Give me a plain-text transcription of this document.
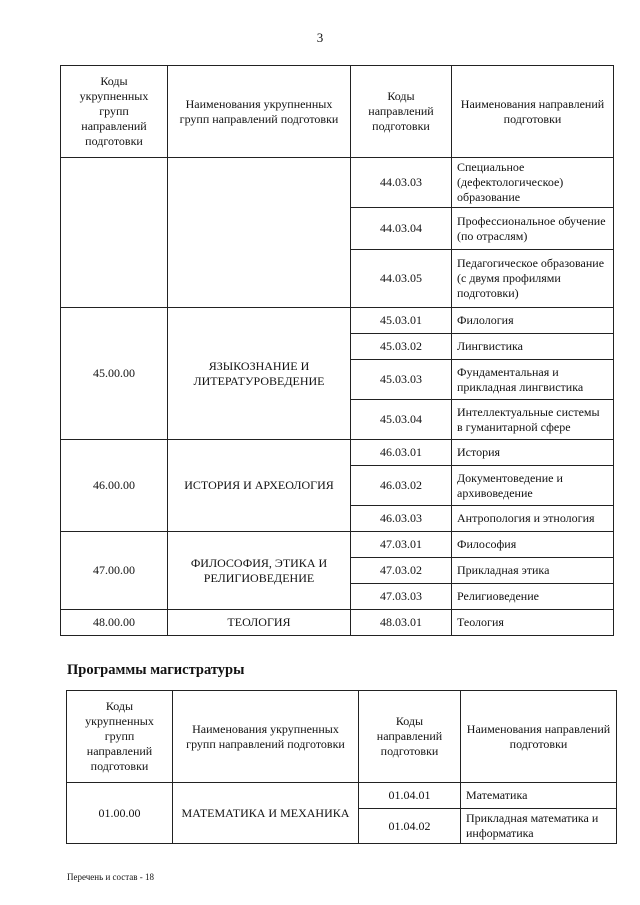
3
Коды укрупненных групп направлений подготовки	Наименования укрупненных групп направлений подготовки	Коды направлений подготовки	Наименования направлений подготовки
		44.03.03	Специальное (дефектологическое) образование
		44.03.04	Профессиональное обучение (по отраслям)
		44.03.05	Педагогическое образование (с двумя профилями подготовки)
45.00.00	ЯЗЫКОЗНАНИЕ И ЛИТЕРАТУРОВЕДЕНИЕ	45.03.01	Филология
		45.03.02	Лингвистика
		45.03.03	Фундаментальная и прикладная лингвистика
		45.03.04	Интеллектуальные системы в гуманитарной сфере
46.00.00	ИСТОРИЯ И АРХЕОЛОГИЯ	46.03.01	История
		46.03.02	Документоведение и архивоведение
		46.03.03	Антропология и этнология
47.00.00	ФИЛОСОФИЯ, ЭТИКА И РЕЛИГИОВЕДЕНИЕ	47.03.01	Философия
		47.03.02	Прикладная этика
		47.03.03	Религиоведение
48.00.00	ТЕОЛОГИЯ	48.03.01	Теология
Программы магистратуры
Коды укрупненных групп направлений подготовки	Наименования укрупненных групп направлений подготовки	Коды направлений подготовки	Наименования направлений подготовки
01.00.00	МАТЕМАТИКА И МЕХАНИКА	01.04.01	Математика
		01.04.02	Прикладная математика и информатика
Перечень и состав - 18
